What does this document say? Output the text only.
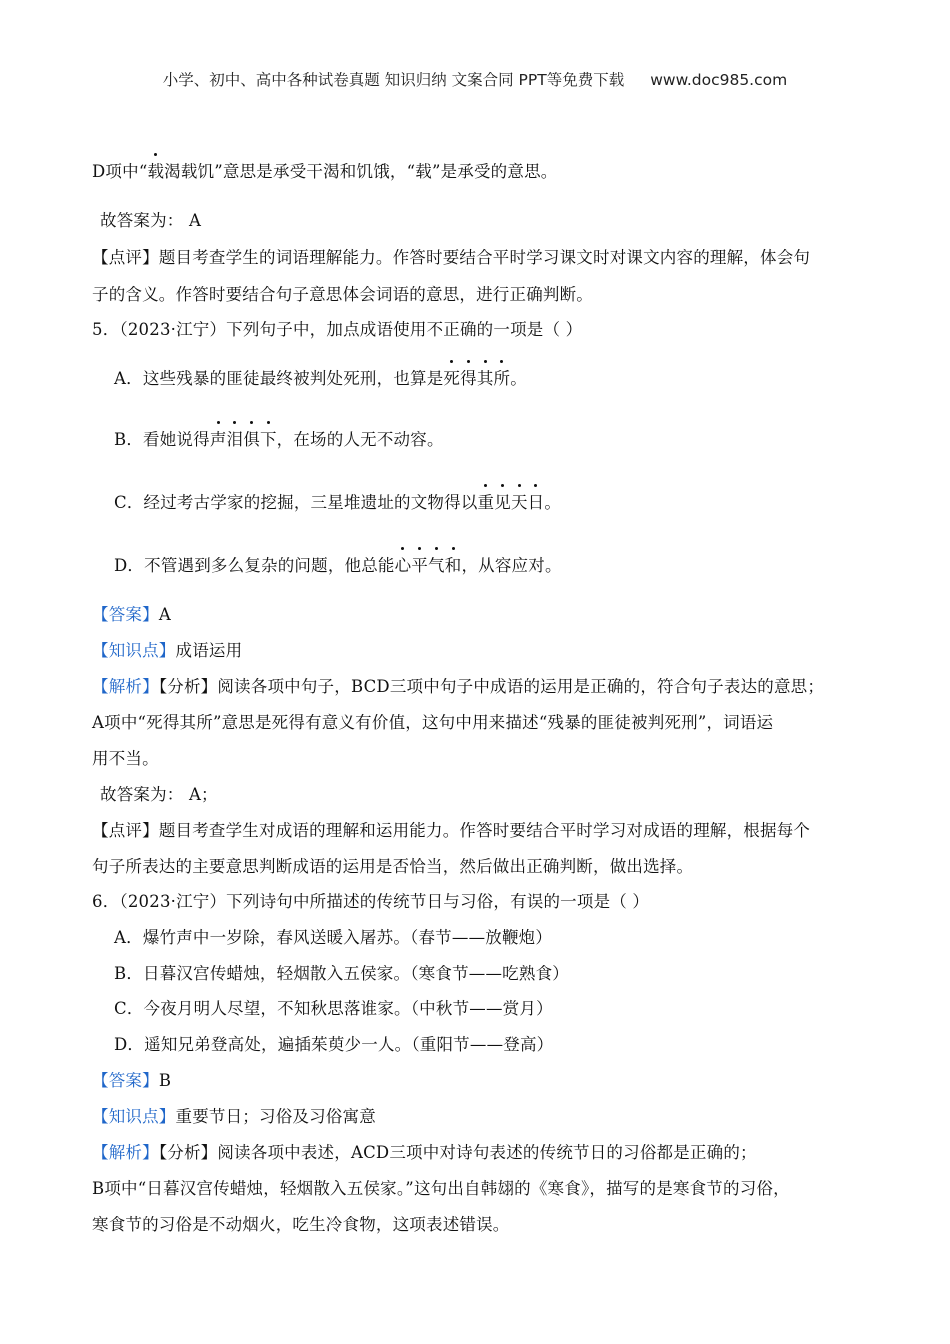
小学、初中、高中各种试卷真题 知识归纳 文案合同 PPT等免费下载 www.doc985.com
D项中“载渴载饥”意思是承受干渴和饥饿，“载”是承受的意思。
故答案为： A
【点评】题目考查学生的词语理解能力。作答时要结合平时学习课文时对课文内容的理解，体会句
子的含义。作答时要结合句子意思体会词语的意思，进行正确判断。
5．（2023·江宁）下列句子中，加点成语使用不正确的一项是（ ）
A．这些残暴的匪徒最终被判处死刑，也算是死得其所。
B．看她说得声泪俱下，在场的人无不动容。
C．经过考古学家的挖掘，三星堆遗址的文物得以重见天日。
D．不管遇到多么复杂的问题，他总能心平气和，从容应对。
【答案】A
【知识点】成语运用
【解析】【分析】阅读各项中句子，BCD三项中句子中成语的运用是正确的，符合句子表达的意思；
A项中“死得其所”意思是死得有意义有价值，这句中用来描述“残暴的匪徒被判死刑”，词语运
用不当。
故答案为： A；
【点评】题目考查学生对成语的理解和运用能力。作答时要结合平时学习对成语的理解，根据每个
句子所表达的主要意思判断成语的运用是否恰当，然后做出正确判断，做出选择。
6．（2023·江宁）下列诗句中所描述的传统节日与习俗，有误的一项是（ ）
A．爆竹声中一岁除，春风送暖入屠苏。（春节——放鞭炮）
B．日暮汉宫传蜡烛，轻烟散入五侯家。（寒食节——吃熟食）
C．今夜月明人尽望，不知秋思落谁家。（中秋节——赏月）
D．遥知兄弟登高处，遍插茱萸少一人。（重阳节——登高）
【答案】B
【知识点】重要节日；习俗及习俗寓意
【解析】【分析】阅读各项中表述，ACD三项中对诗句表述的传统节日的习俗都是正确的；
B项中“日暮汉宫传蜡烛，轻烟散入五侯家。”这句出自韩翃的《寒食》，描写的是寒食节的习俗，
寒食节的习俗是不动烟火，吃生冷食物，这项表述错误。
